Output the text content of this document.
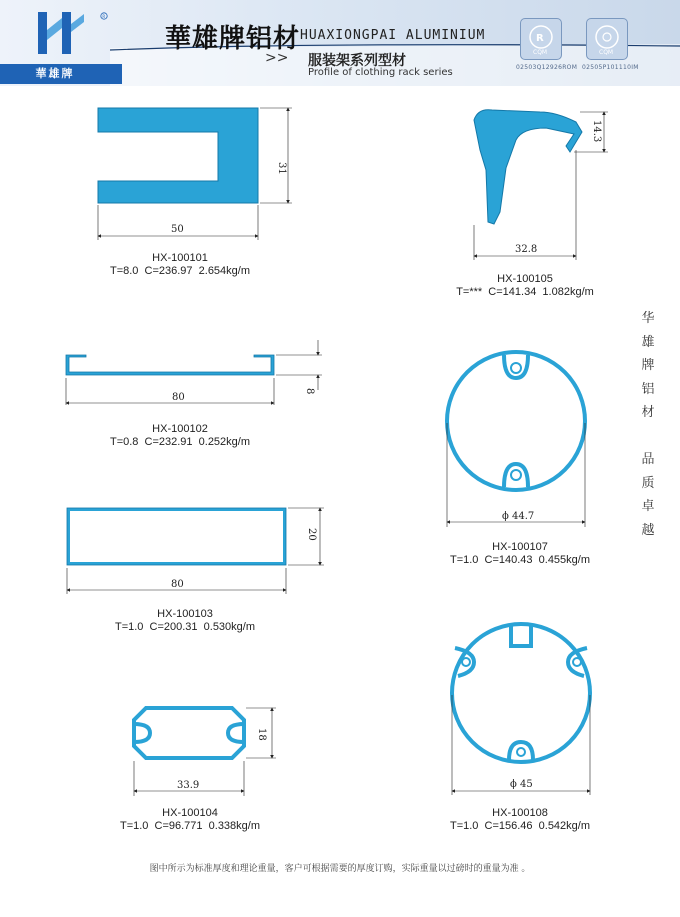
R
華雄牌
華雄牌铝材 HUAXIONGPAI ALUMINIUM
>> 服装架系列型材
Profile of clothing rack series
R
CQM
02503Q12926ROM
CQM
02505P101110IM
50
31
32.8
14.3
80
8
ϕ 44.7
80
20
33.9
18
ϕ 45
HX-100101
T=8.0  C=236.97  2.654kg/m
HX-100105
T=***  C=141.34  1.082kg/m
HX-100102
T=0.8  C=232.91  0.252kg/m
HX-100107
T=1.0  C=140.43  0.455kg/m
HX-100103
T=1.0  C=200.31  0.530kg/m
HX-100104
T=1.0  C=96.771  0.338kg/m
HX-100108
T=1.0  C=156.46  0.542kg/m
华
雄
牌
铝
材
品
质
卓
越
图中所示为标准厚度和理论重量，客户可根据需要的厚度订购，实际重量以过磅时的重量为准 。
